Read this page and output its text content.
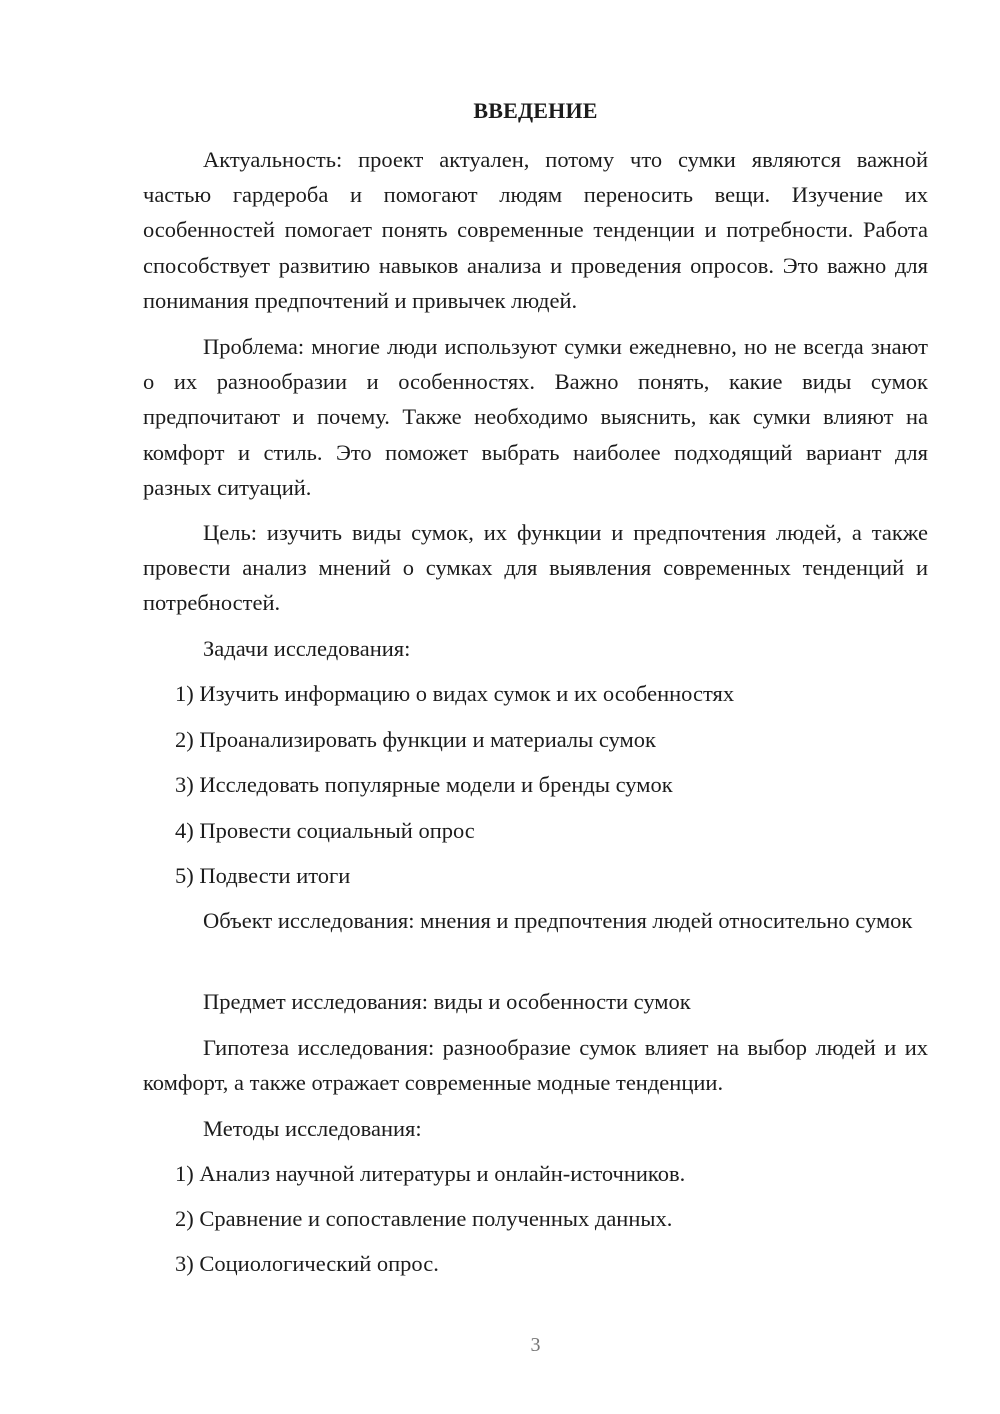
ВВЕДЕНИЕ

Актуальность: проект актуален, потому что сумки являются важной частью гардероба и помогают людям переносить вещи. Изучение их особенностей помогает понять современные тенденции и потребности. Работа способствует развитию навыков анализа и проведения опросов. Это важно для понимания предпочтений и привычек людей.

Проблема: многие люди используют сумки ежедневно, но не всегда знают о их разнообразии и особенностях. Важно понять, какие виды сумок предпочитают и почему. Также необходимо выяснить, как сумки влияют на комфорт и стиль. Это поможет выбрать наиболее подходящий вариант для разных ситуаций.

Цель: изучить виды сумок, их функции и предпочтения людей, а также провести анализ мнений о сумках для выявления современных тенденций и потребностей.

Задачи исследования:

1) Изучить информацию о видах сумок и их особенностях

2) Проанализировать функции и материалы сумок

3) Исследовать популярные модели и бренды сумок

4) Провести социальный опрос

5) Подвести итоги

Объект исследования: мнения и предпочтения людей относительно сумок

Предмет исследования: виды и особенности сумок

Гипотеза исследования: разнообразие сумок влияет на выбор людей и их комфорт, а также отражает современные модные тенденции.

Методы исследования:

1) Анализ научной литературы и онлайн-источников.

2) Сравнение и сопоставление полученных данных.

3) Социологический опрос.

3
